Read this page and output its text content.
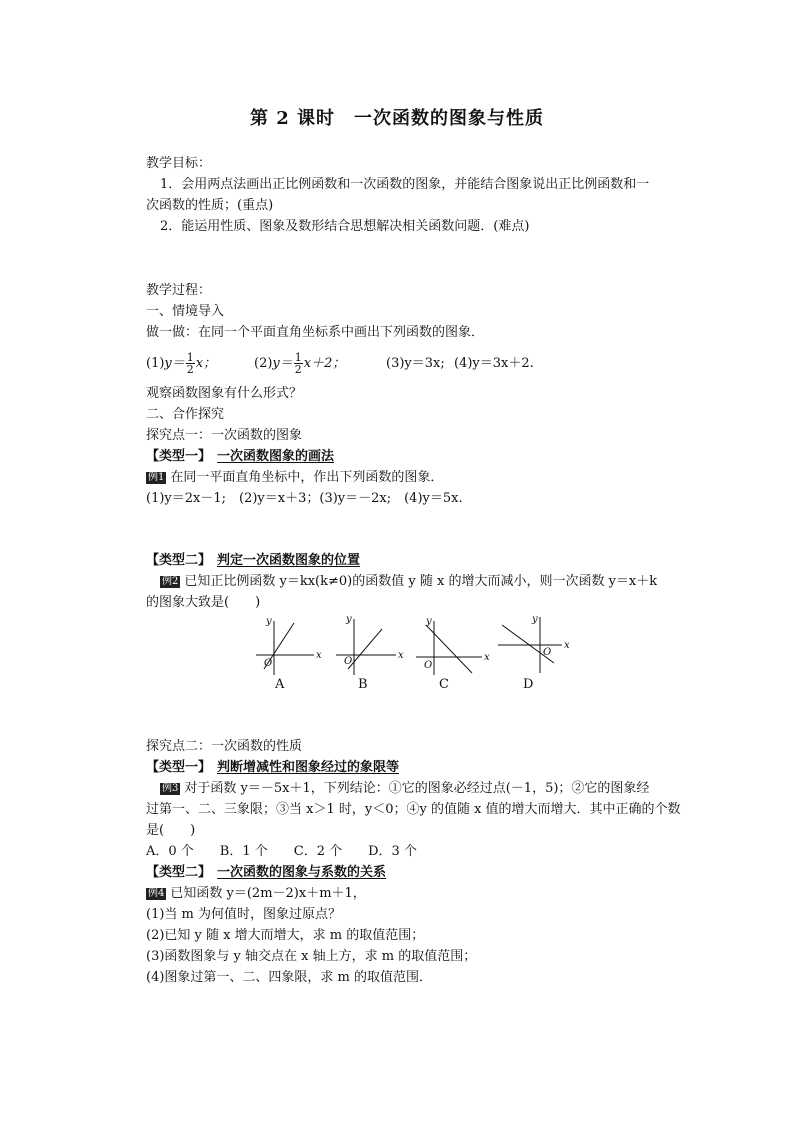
第 2 课时　一次函数的图象与性质
教学目标：
1．会用两点法画出正比例函数和一次函数的图象，并能结合图象说出正比例函数和一
次函数的性质；(重点)
2．能运用性质、图象及数形结合思想解决相关函数问题．(难点)
教学过程：
一、情境导入
做一做：在同一个平面直角坐标系中画出下列函数的图象．
$(1)y= \frac{1}{2}$ x；	$(2)y= \frac{1}{2} x+2$；	(3)y＝3x; (4)y＝3x＋2.
观察函数图象有什么形式？
二、合作探究
探究点一：一次函数的图象
【类型一】 一次函数图象的画法
例1 在同一平面直角坐标中，作出下列函数的图象．
(1)y＝2x－1;　(2)y＝x＋3；(3)y＝－2x;　(4)y＝5x.
【类型二】 判定一次函数图象的位置
例2 已知正比例函数 y＝kx(k≠0)的函数值 y 随 x 的增大而减小，则一次函数 y＝x＋k
的图象大致是(　　)
y
x
O
y
x
O
y
x
O
y
x
O
A	B	C	D
探究点二：一次函数的性质
【类型一】 判断增减性和图象经过的象限等
例3 对于函数 y＝－5x＋1，下列结论：①它的图象必经过点(－1，5)；②它的图象经
过第一、二、三象限；③当 x＞1 时，y＜0；④y 的值随 x 值的增大而增大．其中正确的个数
是(　　)
A．0 个　　B．1 个　　C．2 个　　D．3 个
【类型二】 一次函数的图象与系数的关系
例4 已知函数 y＝(2m－2)x＋m＋1，
(1)当 m 为何值时，图象过原点？
(2)已知 y 随 x 增大而增大，求 m 的取值范围；
(3)函数图象与 y 轴交点在 x 轴上方，求 m 的取值范围；
(4)图象过第一、二、四象限，求 m 的取值范围．
